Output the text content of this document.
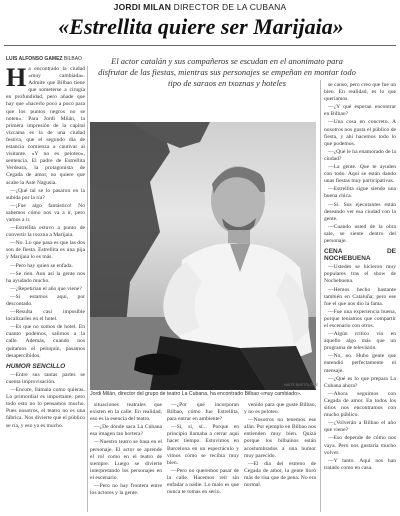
JORDI MILAN DIRECTOR DE LA CUBANA
«Estrellita quiere ser Marijaia»
El actor catalán y sus compañeros se escudan en el anonimato para disfrutar de las fiestas, mientras sus personajes se empeñan en montar todo tipo de saraos en txoznas y hoteles
LUIS ALFONSO GAMEZ BILBAO

Ha encontrado la ciudad «muy cambiada». Admite que Bilbao tiene que someterse a cirugía en profundidad, pero añade que hay que «hacerlo poco a poco para que los puntos negros no se noten». Para Jordi Milán, la primera impresión de la capital vizcaína es la de una ciudad festiva, que el segundo día de estancia comienza a cautivar al visitante. «Y no es peloteo», sentencia. El padre de Estrellita Verdeara, la protagonista de Cegada de amor, no quiere que acabe la Aste Nagusia.

—¿Qué tal se lo pasaron en la subida por la ría?

—¡Fue algo fantástico! No sabemos cómo nos va a ir, pero vamos a ir.

—Estrellita estuvo a punto de convertir la txozna a Marijaia.

—No. Lo que pasa es que las dos son de fiesta. Estrellita es una pija y Marijaia lo es más.

—Pero hay quien se enfada.

—Se ríen. Aun así la gente nos ha ayudado mucho.

—¿Repetirían el año que viene?

—Si estamos aquí, por descontado.

—Resulta casi imposible localizarles en el hotel.

—Es que no somos de hotel. En cuanto podemos, salimos a la calle. Además, cuando nos quitamos el peluquín, pasamos desapercibidos.

HUMOR SENCILLO

—Entre sus tantas partes se cuenta improvisación.

—Encore, llámala como quieras. Lo primordial es importante; pero todo esto no lo pensamos mucho. Pues nosotros, el teatro no es una fábrica. Nos divierte que el público se ría, y eso ya es mucho.

MAITE BARTOLOME
Jordi Milán, director del grupo de teatro La Cubana, ha encontrado Bilbao «muy cambiado».

situaciones teatrales que existen en la calle. En realidad, eso es la esencia del teatro.

—¿De dónde saca La Cubana esa imagen tan hortera?

—Nuestro teatro se basa en el personaje. El actor se aprende el rol como en el teatro de siempre. Luego se divierte interpretando los personajes en el escenario.

—Pero no hay frontera entre los actores y la gente.

—¿Por qué incorporan Bilbao, cómo fue Estrellita, para entrar en ambiente?

—Sí, sí, sí... Porque en principio llamaba a cerrar aquí hacer tiempo. Estuvimos en Barcelona en un espectáculo y vimos cómo se recibía muy bien.

—Pero no queremos pasar de la calle. Hacemos reír sin enfadar a nadie. Lo malo es que nunca te tomas en serio.

venido para que guste Bilbao, y no es peloteo.

—Nosotros no tenemos ese afán. Por ejemplo en Bilbao nos entienden muy bien. Quizá porque los bilbaínos están acostumbrados a una humor muy parecido.

—El día del estreno de Cegada de amor, la gente lloró más de risa que de pena. No era normal.

se canso, pero creo que fue un bien. En realidad, es lo que queríamos.

—¿Y qué esperan encontrar en Bilbao?

—Una cosa en concreto. A nosotros nos gusta el público de fiesta, y ahí hacemos todo lo que podemos.

—¿Qué le ha enamorado de la ciudad?

—La gente. Que te ayuden con todo. Aquí se están dando unas fiestas muy participativas.

—Estrellita sigue siendo una buena chica.

—Sí. Sus ejecutantes están deseando ver esa ciudad con la gente.

—Cuando usted de la obra sale, se siente dentro del personaje.

CENA DE NOCHEBUENA

—Ustedes se hicieron muy populares tras el show de Nochebuena.

—Hemos hecho bastante también en Cataluña; pero ese fue el que nos dio la fama.

—Fue una experiencia buena, porque teníamos que compartir el escenario con otros.

—Algún crítico vio en aquello algo más que un programa de televisión.

—No, no. Hubo gente que entendió perfectamente el mensaje.

—¿Qué es lo que prepara La Cubana ahora?

—Ahora seguimos con Cegada de amor. En todos los sitios nos encontramos con mucho público.

—¿Volverán a Bilbao el año que viene?

—Eso depende de cómo nos vaya. Pero nos gustaría mucho volver.

—Y tanto. Aquí nos han tratado como en casa.
